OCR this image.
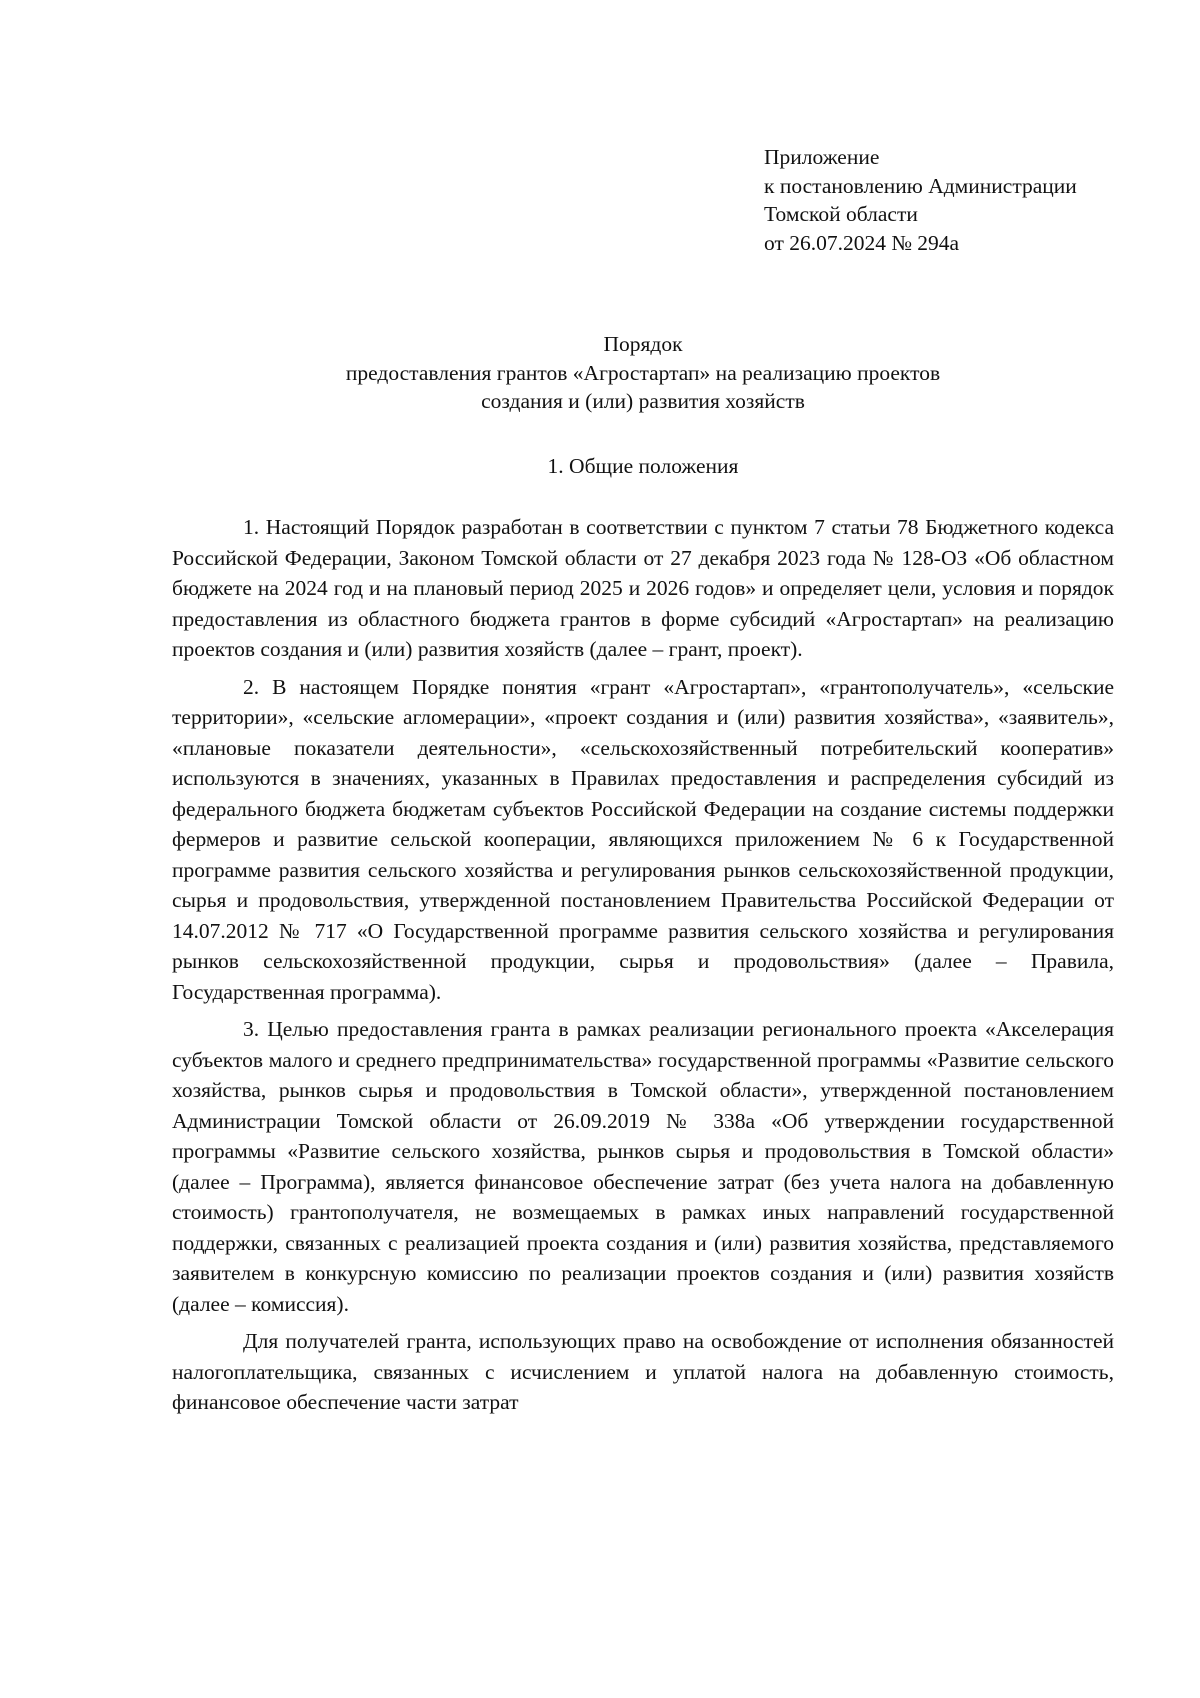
Приложение
к постановлению Администрации
Томской области
от 26.07.2024 № 294а
Порядок
предоставления грантов «Агростартап» на реализацию проектов
создания и (или) развития хозяйств
1. Общие положения

1. Настоящий Порядок разработан в соответствии с пунктом 7 статьи 78 Бюджетного кодекса Российской Федерации, Законом Томской области от 27 декабря 2023 года № 128-ОЗ «Об областном бюджете на 2024 год и на плановый период 2025 и 2026 годов» и определяет цели, условия и порядок предоставления из областного бюджета грантов в форме субсидий «Агростартап» на реализацию проектов создания и (или) развития хозяйств (далее – грант, проект).

2. В настоящем Порядке понятия «грант «Агростартап», «грантополучатель», «сельские территории», «сельские агломерации», «проект создания и (или) развития хозяйства», «заявитель», «плановые показатели деятельности», «сельскохозяйственный потребительский кооператив» используются в значениях, указанных в Правилах предоставления и распределения субсидий из федерального бюджета бюджетам субъектов Российской Федерации на создание системы поддержки фермеров и развитие сельской кооперации, являющихся приложением № 6 к Государственной программе развития сельского хозяйства и регулирования рынков сельскохозяйственной продукции, сырья и продовольствия, утвержденной постановлением Правительства Российской Федерации от 14.07.2012 № 717 «О Государственной программе развития сельского хозяйства и регулирования рынков сельскохозяйственной продукции, сырья и продовольствия» (далее – Правила, Государственная программа).

3. Целью предоставления гранта в рамках реализации регионального проекта «Акселерация субъектов малого и среднего предпринимательства» государственной программы «Развитие сельского хозяйства, рынков сырья и продовольствия в Томской области», утвержденной постановлением Администрации Томской области от 26.09.2019 № 338а «Об утверждении государственной программы «Развитие сельского хозяйства, рынков сырья и продовольствия в Томской области» (далее – Программа), является финансовое обеспечение затрат (без учета налога на добавленную стоимость) грантополучателя, не возмещаемых в рамках иных направлений государственной поддержки, связанных с реализацией проекта создания и (или) развития хозяйства, представляемого заявителем в конкурсную комиссию по реализации проектов создания и (или) развития хозяйств (далее – комиссия).

Для получателей гранта, использующих право на освобождение от исполнения обязанностей налогоплательщика, связанных с исчислением и уплатой налога на добавленную стоимость, финансовое обеспечение части затрат
